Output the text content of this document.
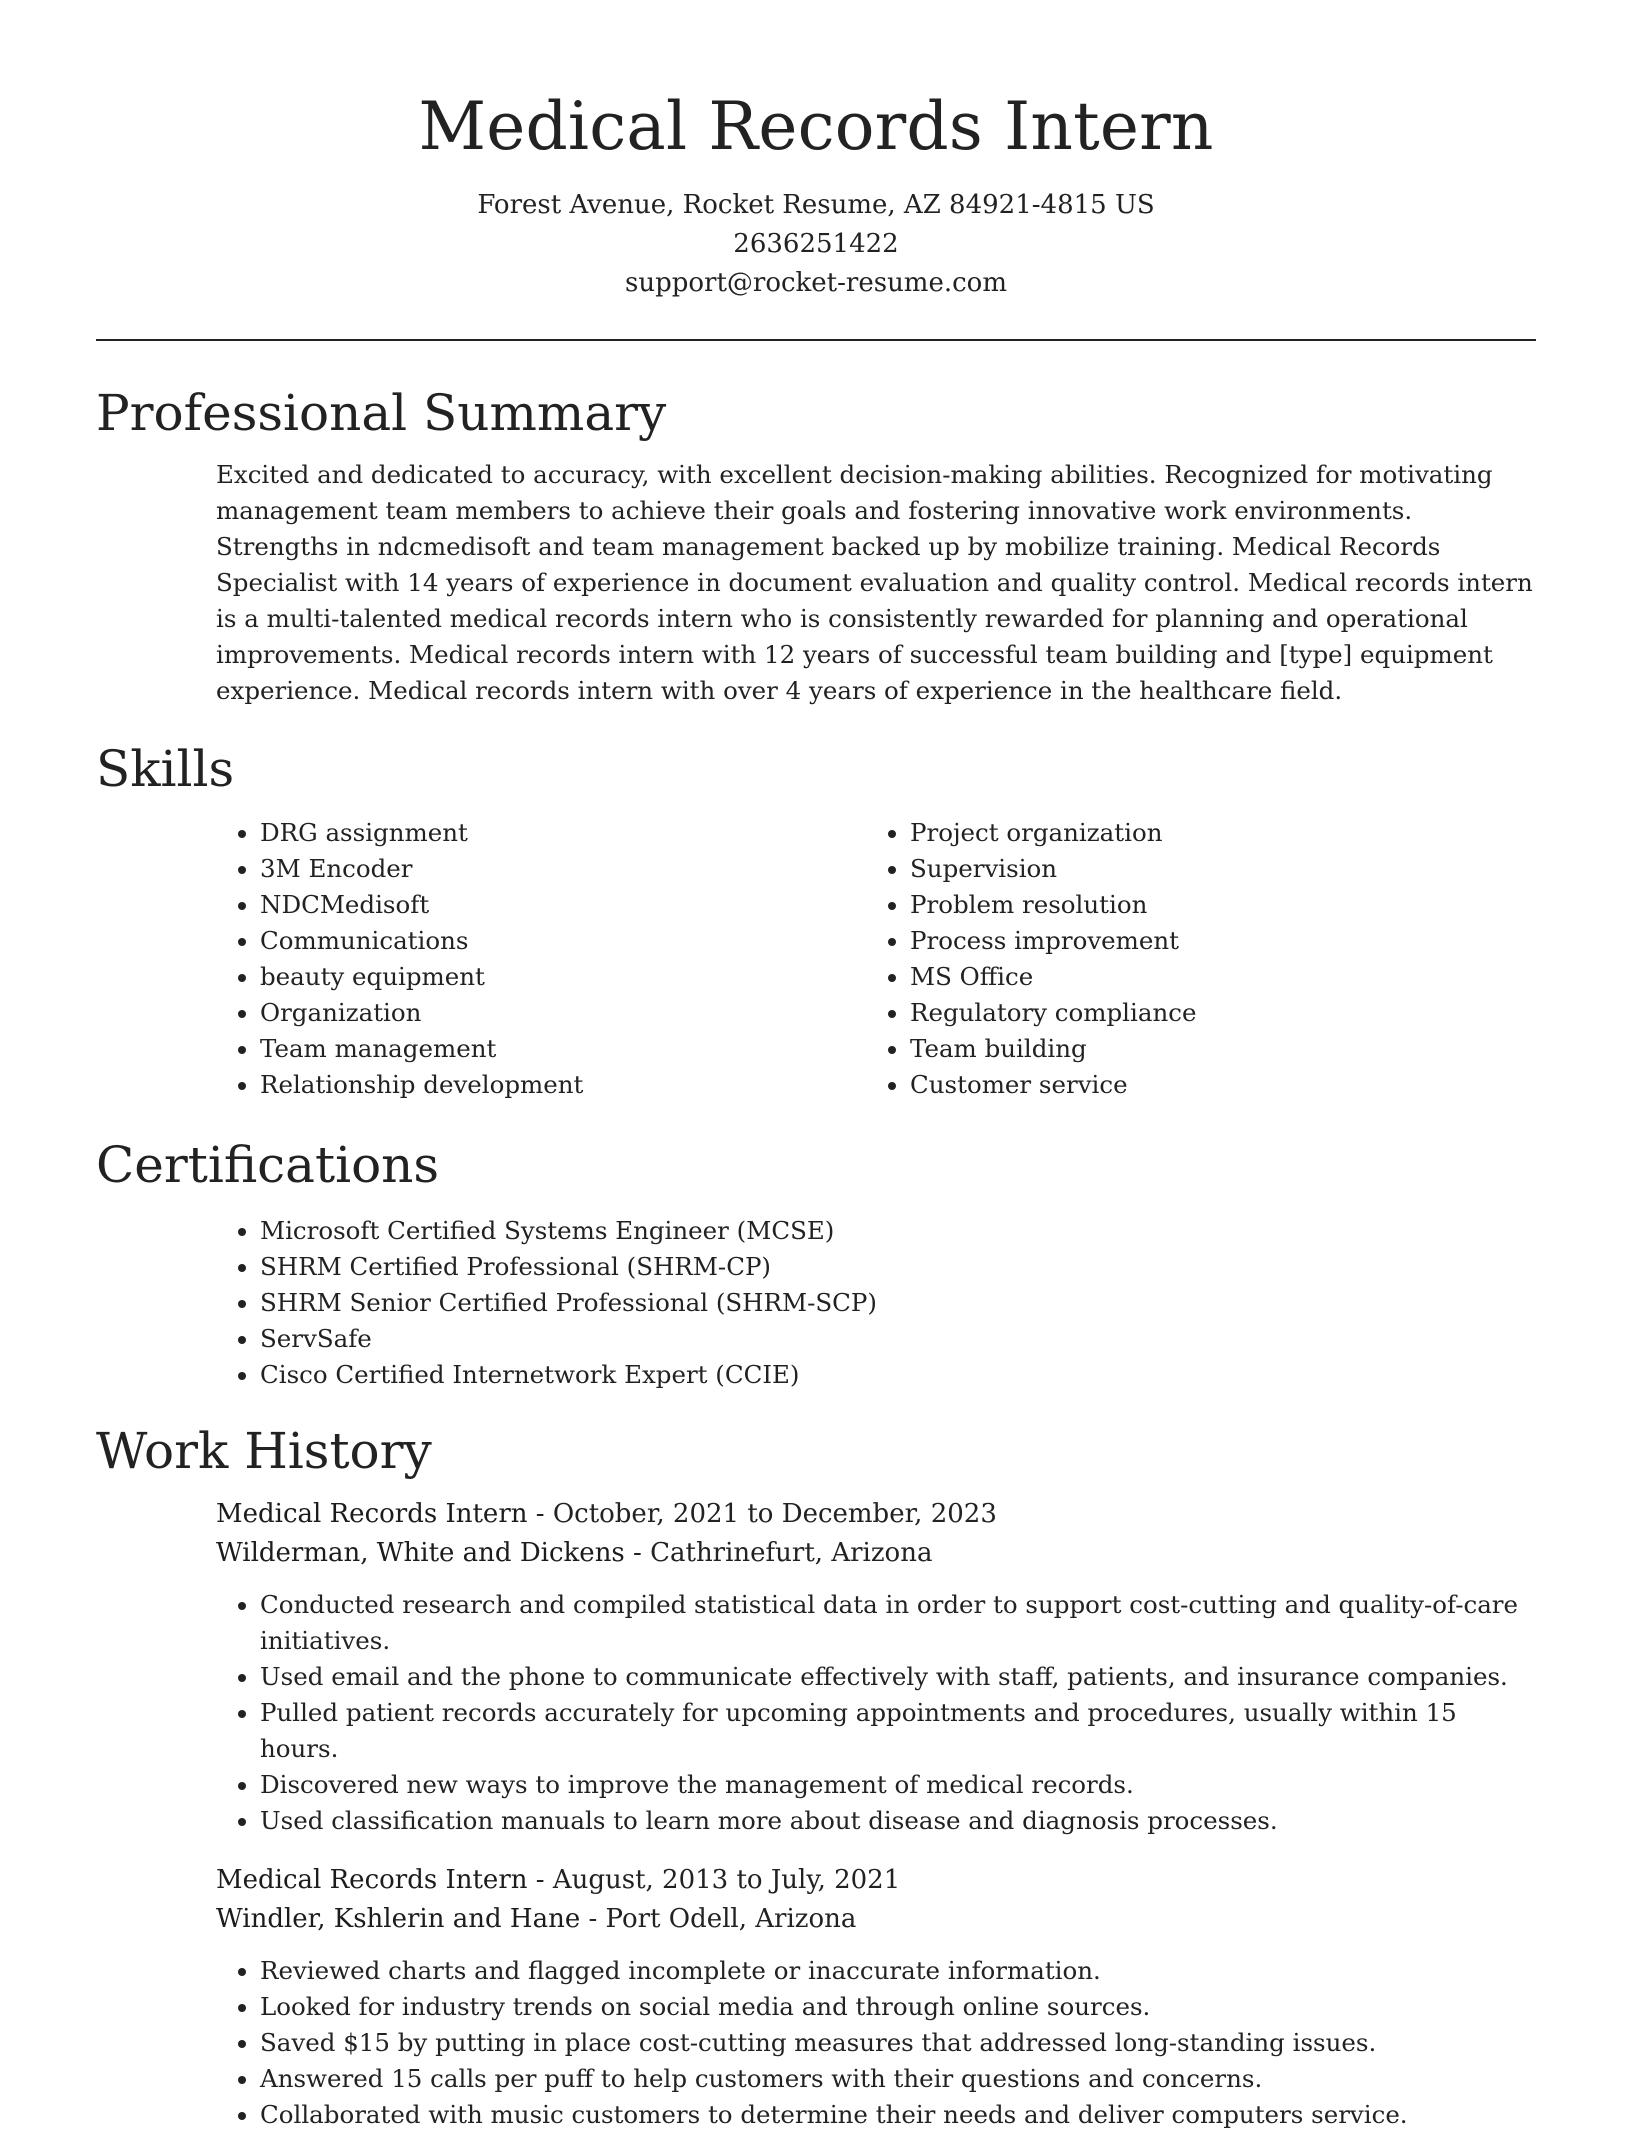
Medical Records Intern
Forest Avenue, Rocket Resume, AZ 84921-4815 US
2636251422
support@rocket-resume.com
Professional Summary

Excited and dedicated to accuracy, with excellent decision-making abilities. Recognized for motivating management team members to achieve their goals and fostering innovative work environments. Strengths in ndcmedisoft and team management backed up by mobilize training. Medical Records Specialist with 14 years of experience in document evaluation and quality control. Medical records intern is a multi-talented medical records intern who is consistently rewarded for planning and operational improvements. Medical records intern with 12 years of successful team building and [type] equipment experience. Medical records intern with over 4 years of experience in the healthcare field.

Skills
• DRG assignment
• 3M Encoder
• NDCMedisoft
• Communications
• beauty equipment
• Organization
• Team management
• Relationship development
• Project organization
• Supervision
• Problem resolution
• Process improvement
• MS Office
• Regulatory compliance
• Team building
• Customer service
Certifications
• Microsoft Certified Systems Engineer (MCSE)
• SHRM Certified Professional (SHRM-CP)
• SHRM Senior Certified Professional (SHRM-SCP)
• ServSafe
• Cisco Certified Internetwork Expert (CCIE)
Work History
Medical Records Intern - October, 2021 to December, 2023
Wilderman, White and Dickens - Cathrinefurt, Arizona
• Conducted research and compiled statistical data in order to support cost-cutting and quality-of-care initiatives.
• Used email and the phone to communicate effectively with staff, patients, and insurance companies.
• Pulled patient records accurately for upcoming appointments and procedures, usually within 15 hours.
• Discovered new ways to improve the management of medical records.
• Used classification manuals to learn more about disease and diagnosis processes.
Medical Records Intern - August, 2013 to July, 2021
Windler, Kshlerin and Hane - Port Odell, Arizona
• Reviewed charts and flagged incomplete or inaccurate information.
• Looked for industry trends on social media and through online sources.
• Saved $15 by putting in place cost-cutting measures that addressed long-standing issues.
• Answered 15 calls per puff to help customers with their questions and concerns.
• Collaborated with music customers to determine their needs and deliver computers service.
